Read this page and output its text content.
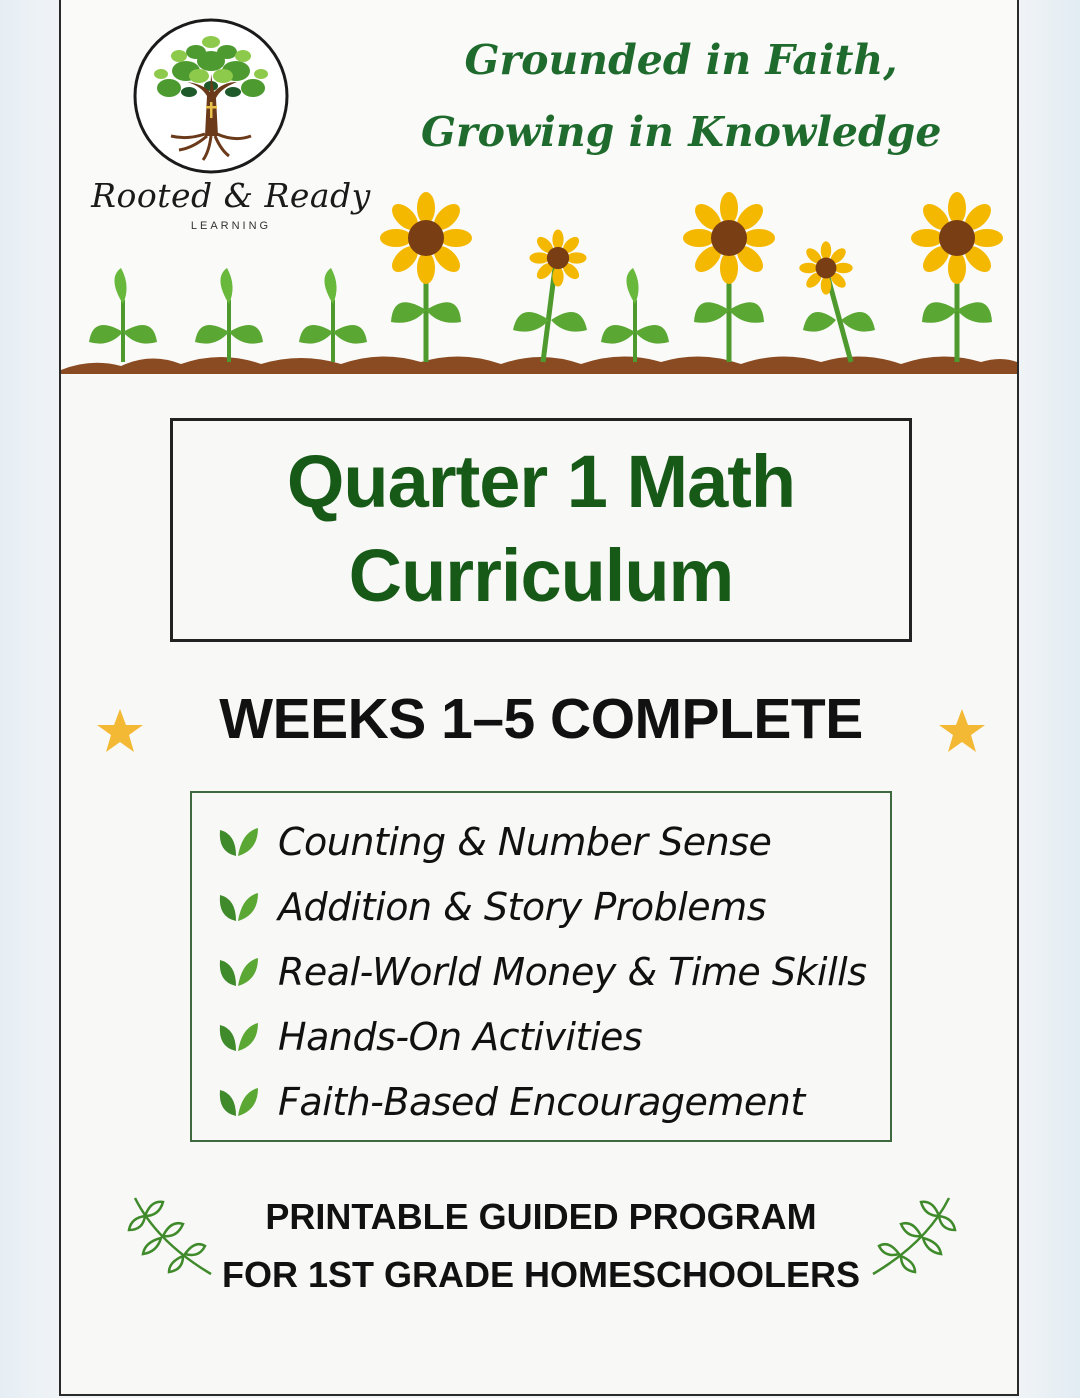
Rooted & Ready
LEARNING
Grounded in Faith,
Growing in Knowledge
Quarter 1 Math
Curriculum
WEEKS 1–5 COMPLETE
Counting & Number Sense
Addition & Story Problems
Real-World Money & Time Skills
Hands-On Activities
Faith-Based Encouragement
PRINTABLE GUIDED PROGRAM
FOR 1ST GRADE HOMESCHOOLERS
